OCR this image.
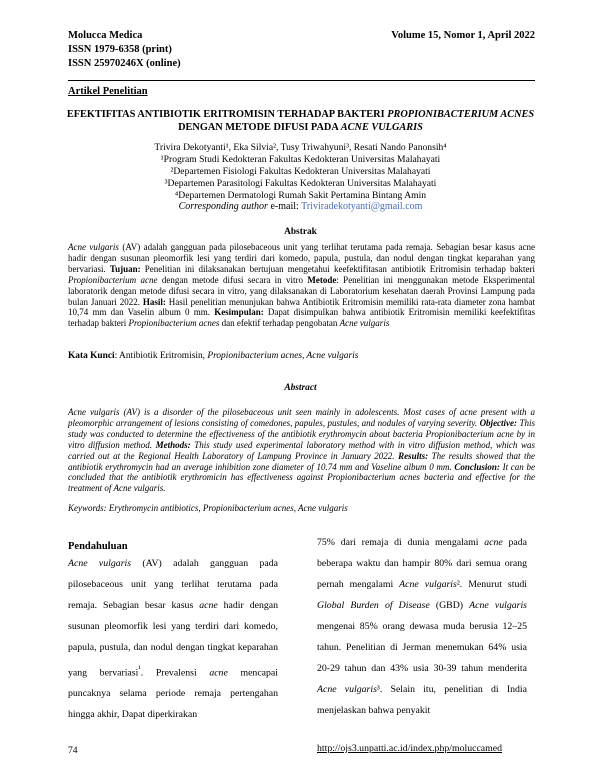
Molucca Medica
ISSN 1979-6358 (print)
ISSN 25970246X (online)
Volume 15, Nomor 1, April 2022
Artikel Penelitian
EFEKTIFITAS ANTIBIOTIK ERITROMISIN TERHADAP BAKTERI PROPIONIBACTERIUM ACNES DENGAN METODE DIFUSI PADA ACNE VULGARIS
Trivira Dekotyanti¹, Eka Silvia², Tusy Triwahyuni³, Resati Nando Panonsih⁴
¹Program Studi Kedokteran Fakultas Kedokteran Universitas Malahayati
²Departemen Fisiologi Fakultas Kedokteran Universitas Malahayati
³Departemen Parasitologi Fakultas Kedokteran Universitas Malahayati
⁴Departemen Dermatologi Rumah Sakit Pertamina Bintang Amin
Corresponding author e-mail: Triviradekotyanti@gmail.com
Abstrak
Acne vulgaris (AV) adalah gangguan pada pilosebaceous unit yang terlihat terutama pada remaja. Sebagian besar kasus acne hadir dengan susunan pleomorfik lesi yang terdiri dari komedo, papula, pustula, dan nodul dengan tingkat keparahan yang bervariasi. Tujuan: Penelitian ini dilaksanakan bertujuan mengetahui keefektifitasan antibiotik Eritromisin terhadap bakteri Propionibacterium acne dengan metode difusi secara in vitro Metode: Penelitian ini menggunakan metode Eksperimental laboratorik dengan metode difusi secara in vitro, yang dilaksanakan di Laboratorium kesehatan daerah Provinsi Lampung pada bulan Januari 2022. Hasil: Hasil penelitian menunjukan bahwa Antibiotik Eritromisin memiliki rata-rata diameter zona hambat 10,74 mm dan Vaselin album 0 mm. Kesimpulan: Dapat disimpulkan bahwa antibiotik Eritromisin memiliki keefektifitas terhadap bakteri Propionibacterium acnes dan efektif terhadap pengobatan Acne vulgaris
Kata Kunci: Antibiotik Eritromisin, Propionibacterium acnes, Acne vulgaris
Abstract
Acne vulgaris (AV) is a disorder of the pilosebaceous unit seen mainly in adolescents. Most cases of acne present with a pleomorphic arrangement of lesions consisting of comedones, papules, pustules, and nodules of varying severity. Objective: This study was conducted to determine the effectiveness of the antibiotik erythromycin about bacteria Propionibacterium acne by in vitro diffusion method. Methods: This study used experimental laboratory method with in vitro diffusion method, which was carried out at the Regional Health Laboratory of Lampung Province in January 2022. Results: The results showed that the antibiotik erythromycin had an average inhibition zone diameter of 10.74 mm and Vaseline album 0 mm. Conclusion: It can be concluded that the antibiotik erythromicin has effectiveness against Propionibacterium acnes bacteria and effective for the treatment of Acne vulgaris.
Keywords: Erythromycin antibiotics, Propionibacterium acnes, Acne vulgaris
Pendahuluan

Acne vulgaris (AV) adalah gangguan pada pilosebaceous unit yang terlihat terutama pada remaja. Sebagian besar kasus acne hadir dengan susunan pleomorfik lesi yang terdiri dari komedo, papula, pustula, dan nodul dengan tingkat keparahan yang bervariasi$^{^1}$. Prevalensi acne mencapai puncaknya selama periode remaja pertengahan hingga akhir, Dapat diperkirakan

75% dari remaja di dunia mengalami acne pada beberapa waktu dan hampir 80% dari semua orang pernah mengalami Acne vulgaris². Menurut studi Global Burden of Disease (GBD) Acne vulgaris mengenai 85% orang dewasa muda berusia 12–25 tahun. Penelitian di Jerman menemukan 64% usia 20-29 tahun dan 43% usia 30-39 tahun menderita Acne vulgaris³. Selain itu, penelitian di India menjelaskan bahwa penyakit

74	http://ojs3.unpatti.ac.id/index.php/moluccamed
